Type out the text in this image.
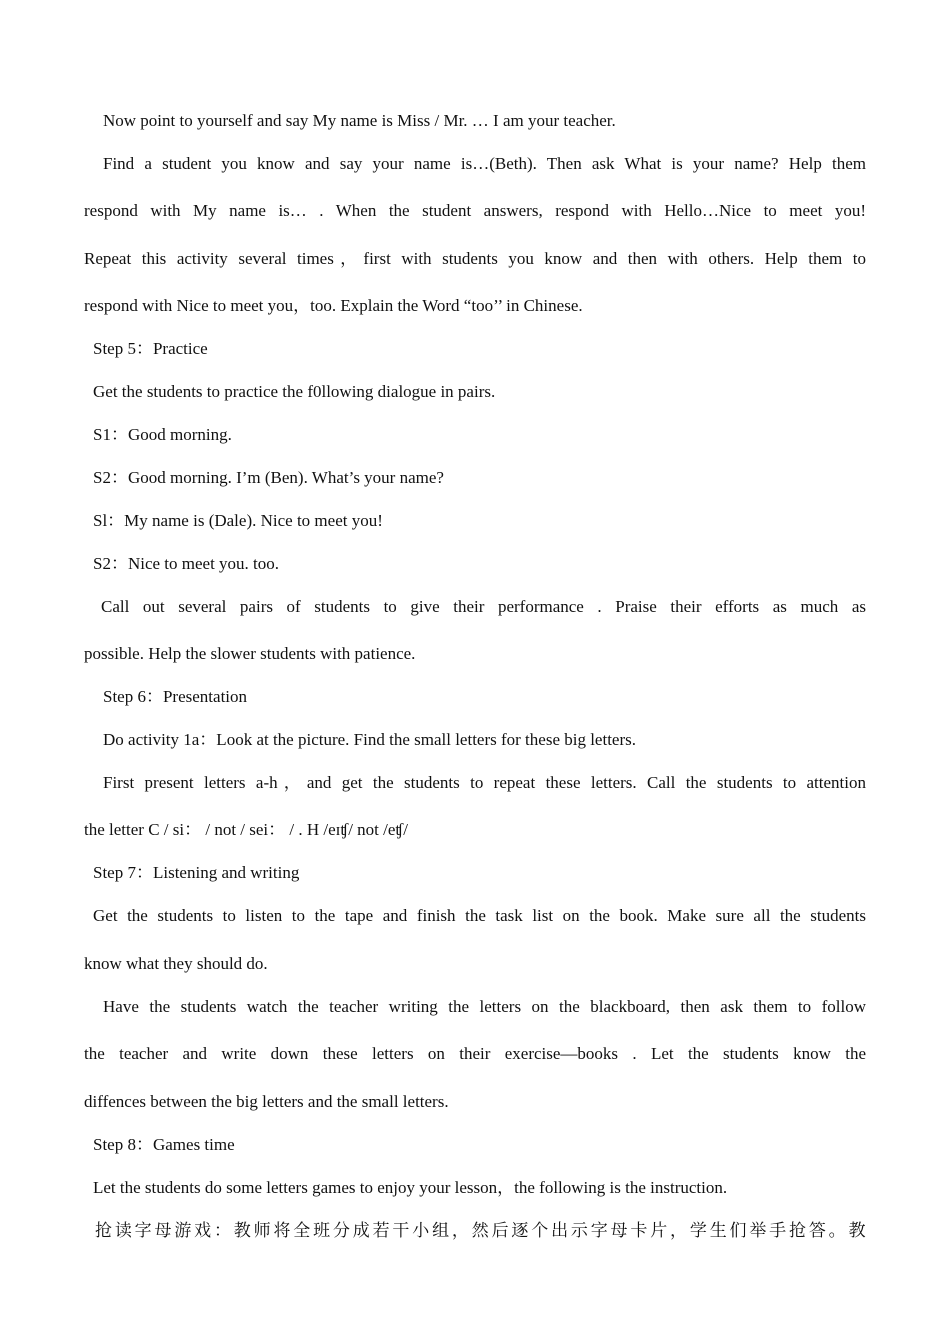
Now point to yourself and say My name is Miss / Mr. … I am your teacher.
Find a student you know and say your name is…(Beth). Then ask What is your name? Help them
respond with My name is… . When the student answers, respond with Hello…Nice to meet you!
Repeat this activity several times，first with students you know and then with others. Help them to
respond with Nice to meet you，too. Explain the Word “too’’ in Chinese.
Step 5：Practice
Get the students to practice the f0llowing dialogue in pairs.
S1：Good morning.
S2：Good morning. I’m (Ben). What’s your name?
Sl：My name is (Dale). Nice to meet you!
S2：Nice to meet you. too.
Call out several pairs of students to give their performance . Praise their efforts as much as
possible. Help the slower students with patience.
Step 6：Presentation
Do activity 1a：Look at the picture. Find the small letters for these big letters.
First present letters a-h，and get the students to repeat these letters. Call the students to attention
the letter C / si： / not / sei： / . H /eɪʧ/ not /eʧ/
Step 7：Listening and writing
Get the students to listen to the tape and finish the task list on the book. Make sure all the students
know what they should do.
Have the students watch the teacher writing the letters on the blackboard, then ask them to follow
the teacher and write down these letters on their exercise—books . Let the students know the
diffences between the big letters and the small letters.
Step 8：Games time
Let the students do some letters games to enjoy your lesson，the following is the instruction.
抢读字母游戏：教师将全班分成若干小组，然后逐个出示字母卡片，学生们举手抢答。教
